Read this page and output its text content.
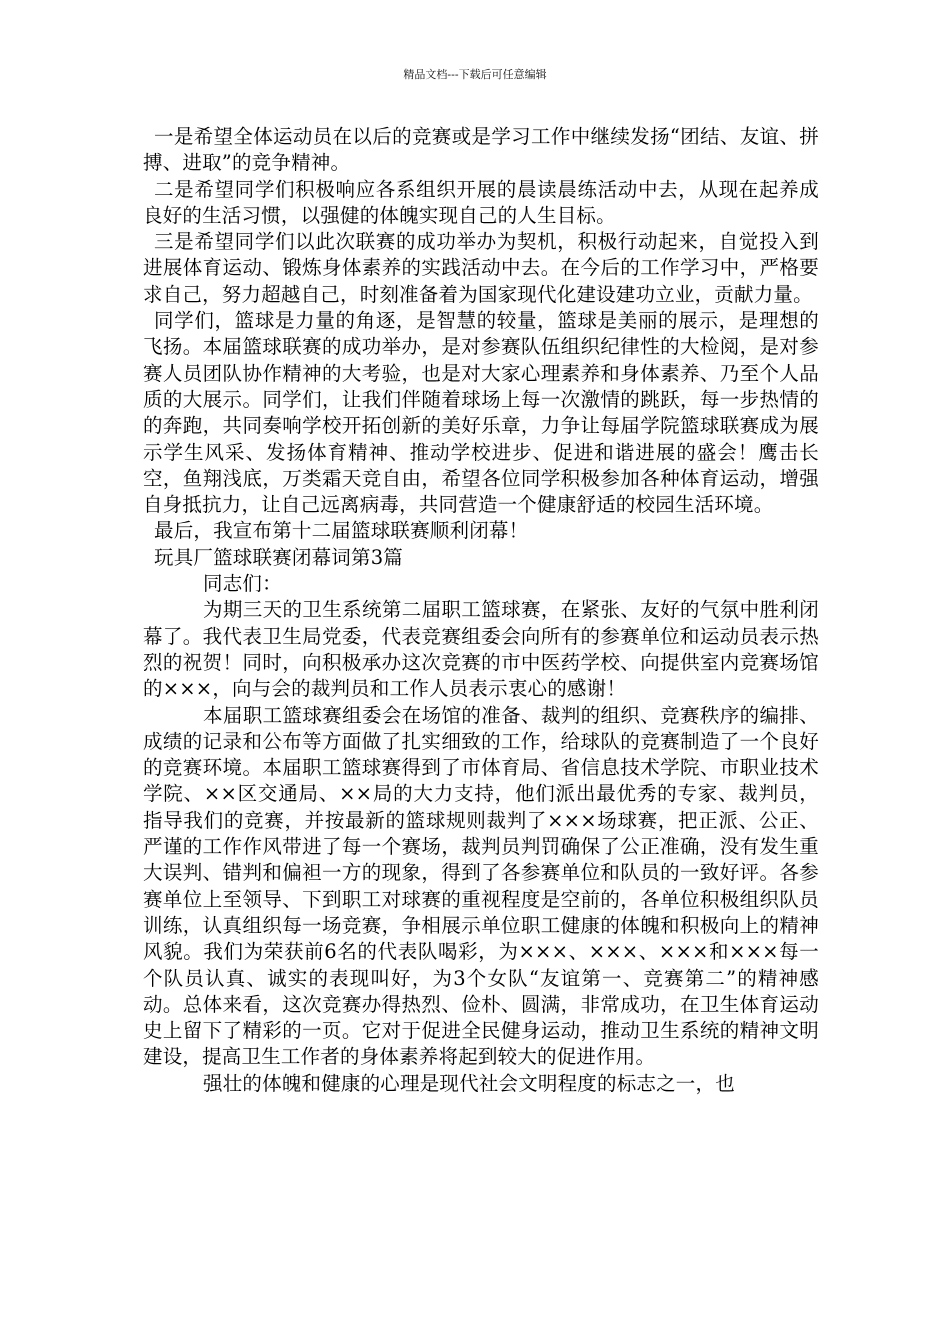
精品文档---下载后可任意编辑

一是希望全体运动员在以后的竞赛或是学习工作中继续发扬“团结、友谊、拼搏、进取”的竞争精神。

二是希望同学们积极响应各系组织开展的晨读晨练活动中去，从现在起养成良好的生活习惯，以强健的体魄实现自己的人生目标。

三是希望同学们以此次联赛的成功举办为契机，积极行动起来，自觉投入到进展体育运动、锻炼身体素养的实践活动中去。在今后的工作学习中，严格要求自己，努力超越自己，时刻准备着为国家现代化建设建功立业，贡献力量。

同学们，篮球是力量的角逐，是智慧的较量，篮球是美丽的展示，是理想的飞扬。本届篮球联赛的成功举办，是对参赛队伍组织纪律性的大检阅，是对参赛人员团队协作精神的大考验，也是对大家心理素养和身体素养、乃至个人品质的大展示。同学们，让我们伴随着球场上每一次激情的跳跃，每一步热情的的奔跑，共同奏响学校开拓创新的美好乐章，力争让每届学院篮球联赛成为展示学生风采、发扬体育精神、推动学校进步、促进和谐进展的盛会！鹰击长空，鱼翔浅底，万类霜天竞自由，希望各位同学积极参加各种体育运动，增强自身抵抗力，让自己远离病毒，共同营造一个健康舒适的校园生活环境。

最后，我宣布第十二届篮球联赛顺利闭幕！

玩具厂篮球联赛闭幕词第3篇

同志们：

为期三天的卫生系统第二届职工篮球赛，在紧张、友好的气氛中胜利闭幕了。我代表卫生局党委，代表竞赛组委会向所有的参赛单位和运动员表示热烈的祝贺！同时，向积极承办这次竞赛的市中医药学校、向提供室内竞赛场馆的×××，向与会的裁判员和工作人员表示衷心的感谢！

本届职工篮球赛组委会在场馆的准备、裁判的组织、竞赛秩序的编排、成绩的记录和公布等方面做了扎实细致的工作，给球队的竞赛制造了一个良好的竞赛环境。本届职工篮球赛得到了市体育局、省信息技术学院、市职业技术学院、××区交通局、××局的大力支持，他们派出最优秀的专家、裁判员，指导我们的竞赛，并按最新的篮球规则裁判了×××场球赛，把正派、公正、严谨的工作作风带进了每一个赛场，裁判员判罚确保了公正准确，没有发生重大误判、错判和偏袒一方的现象，得到了各参赛单位和队员的一致好评。各参赛单位上至领导、下到职工对球赛的重视程度是空前的，各单位积极组织队员训练，认真组织每一场竞赛，争相展示单位职工健康的体魄和积极向上的精神风貌。我们为荣获前6名的代表队喝彩，为×××、×××、×××和×××每一个队员认真、诚实的表现叫好，为3个女队“友谊第一、竞赛第二”的精神感动。总体来看，这次竞赛办得热烈、俭朴、圆满，非常成功，在卫生体育运动史上留下了精彩的一页。它对于促进全民健身运动，推动卫生系统的精神文明建设，提高卫生工作者的身体素养将起到较大的促进作用。

强壮的体魄和健康的心理是现代社会文明程度的标志之一，也
